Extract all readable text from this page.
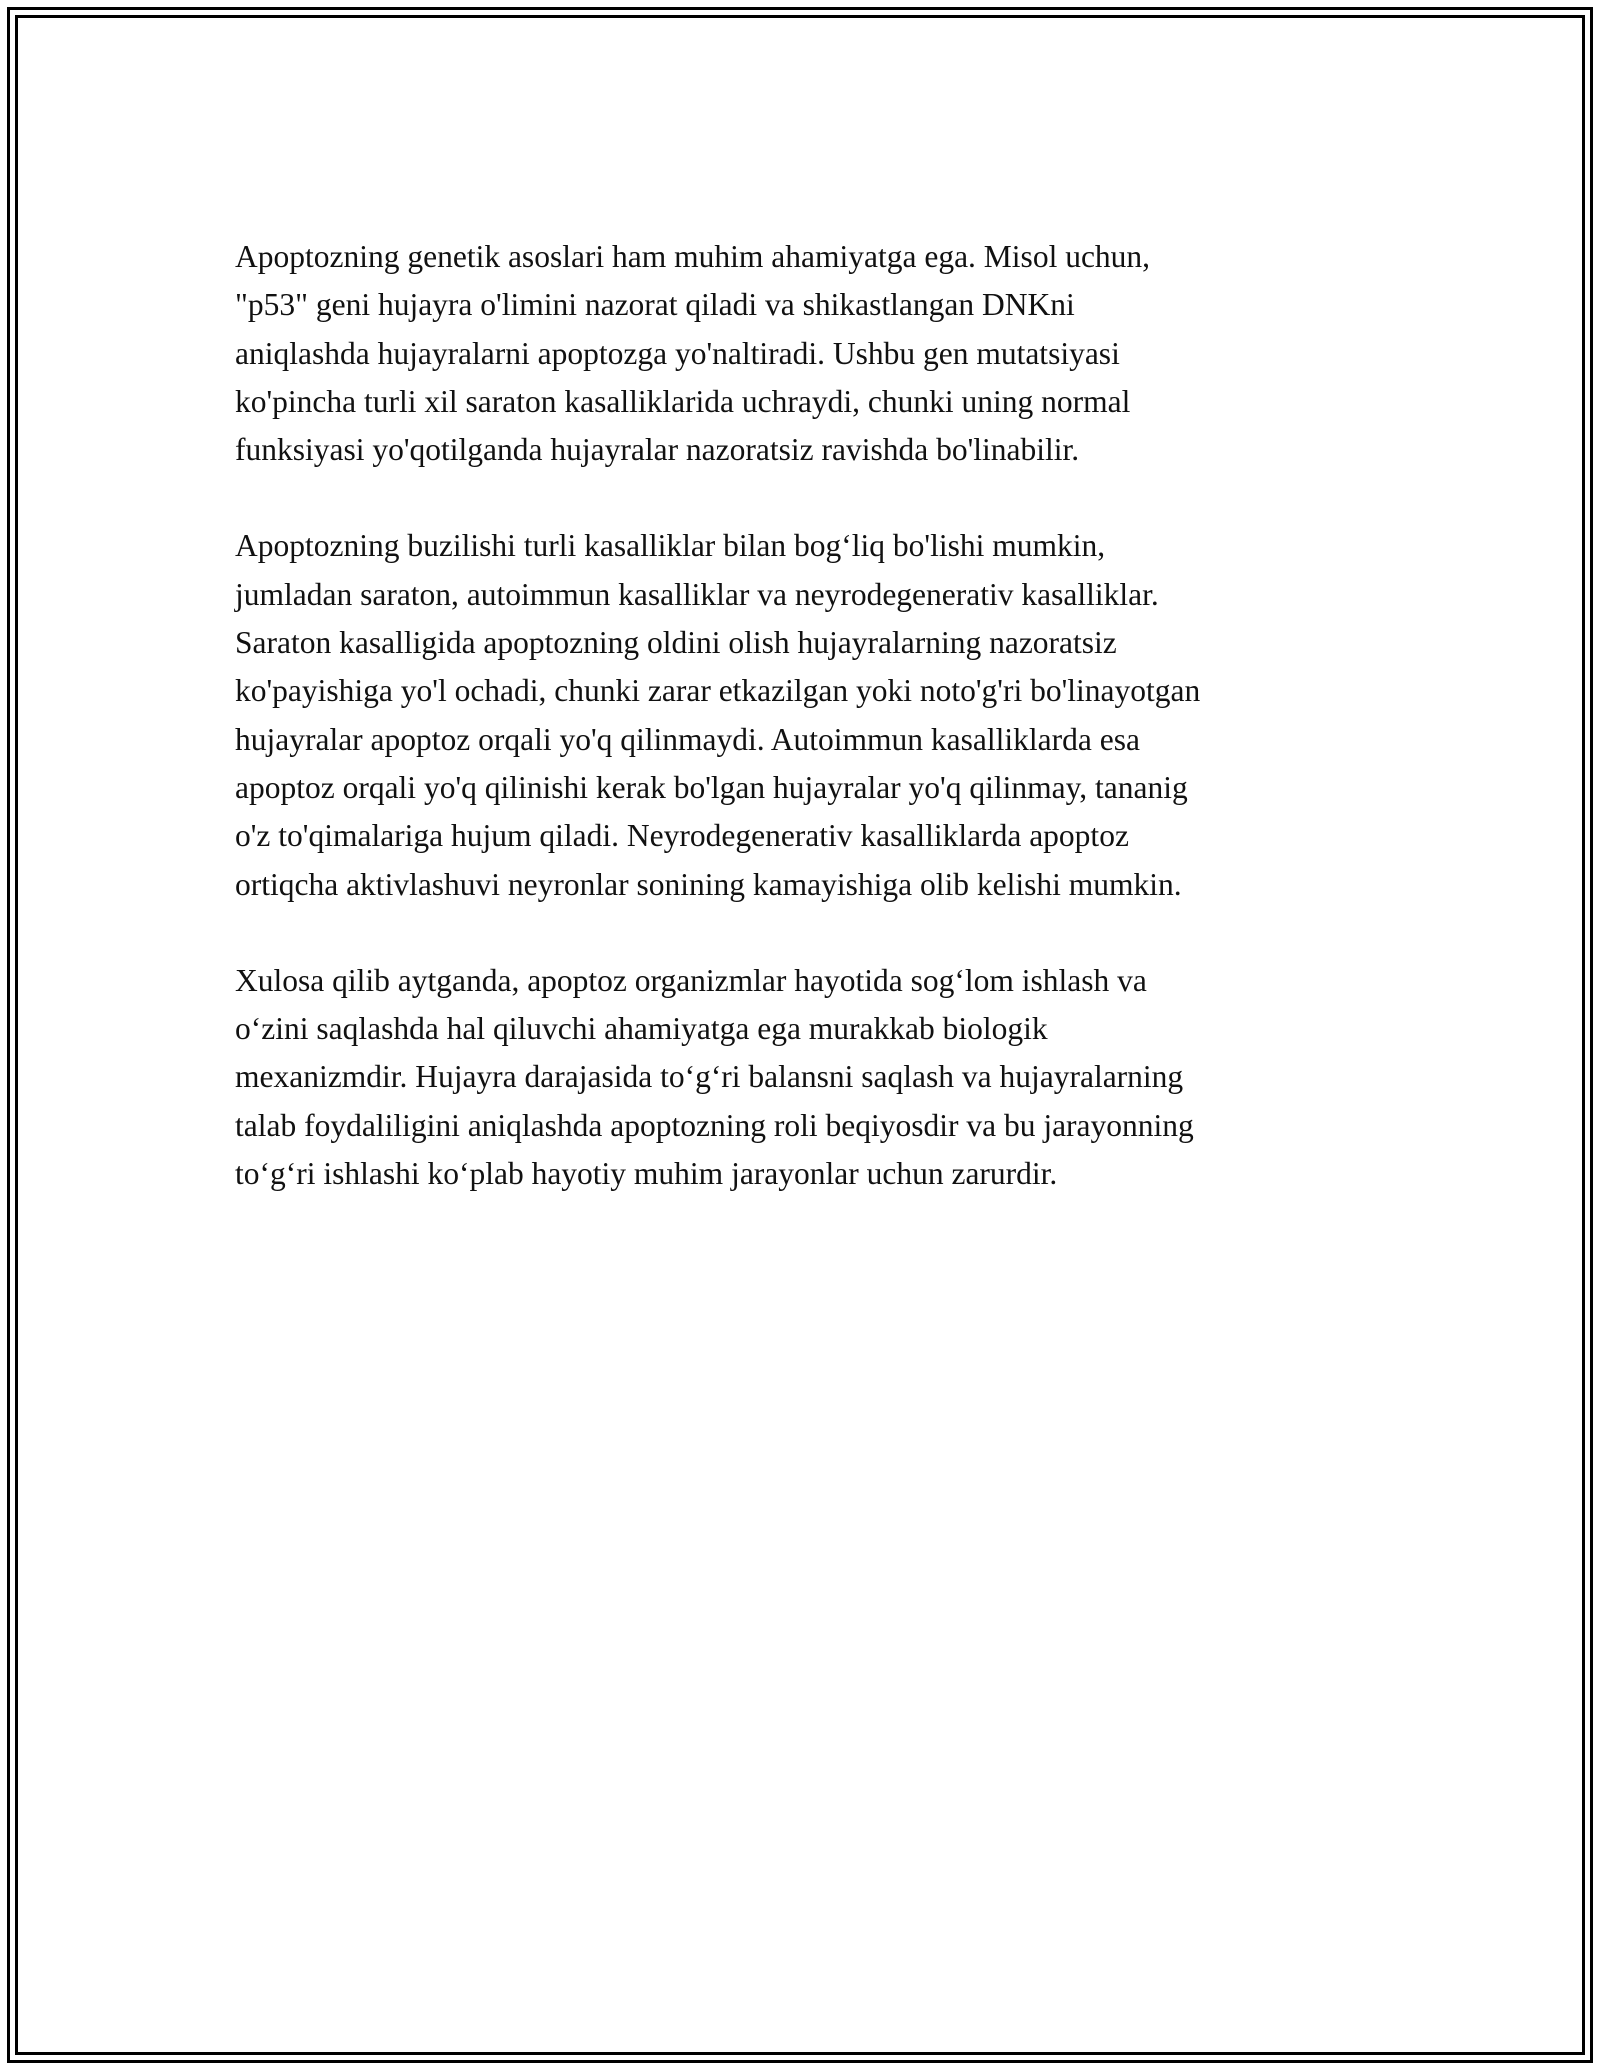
Apoptozning genetik asoslari ham muhim ahamiyatga ega. Misol uchun,
"p53" geni hujayra o'limini nazorat qiladi va shikastlangan DNKni
aniqlashda hujayralarni apoptozga yo'naltiradi. Ushbu gen mutatsiyasi
ko'pincha turli xil saraton kasalliklarida uchraydi, chunki uning normal
funksiyasi yo'qotilganda hujayralar nazoratsiz ravishda bo'linabilir.

Apoptozning buzilishi turli kasalliklar bilan bog‘liq bo'lishi mumkin,
jumladan saraton, autoimmun kasalliklar va neyrodegenerativ kasalliklar.
Saraton kasalligida apoptozning oldini olish hujayralarning nazoratsiz
ko'payishiga yo'l ochadi, chunki zarar etkazilgan yoki noto'g'ri bo'linayotgan
hujayralar apoptoz orqali yo'q qilinmaydi. Autoimmun kasalliklarda esa
apoptoz orqali yo'q qilinishi kerak bo'lgan hujayralar yo'q qilinmay, tananig
o'z to'qimalariga hujum qiladi. Neyrodegenerativ kasalliklarda apoptoz
ortiqcha aktivlashuvi neyronlar sonining kamayishiga olib kelishi mumkin.

Xulosa qilib aytganda, apoptoz organizmlar hayotida sog‘lom ishlash va
o‘zini saqlashda hal qiluvchi ahamiyatga ega murakkab biologik
mexanizmdir. Hujayra darajasida to‘g‘ri balansni saqlash va hujayralarning
talab foydaliligini aniqlashda apoptozning roli beqiyosdir va bu jarayonning
to‘g‘ri ishlashi ko‘plab hayotiy muhim jarayonlar uchun zarurdir.
